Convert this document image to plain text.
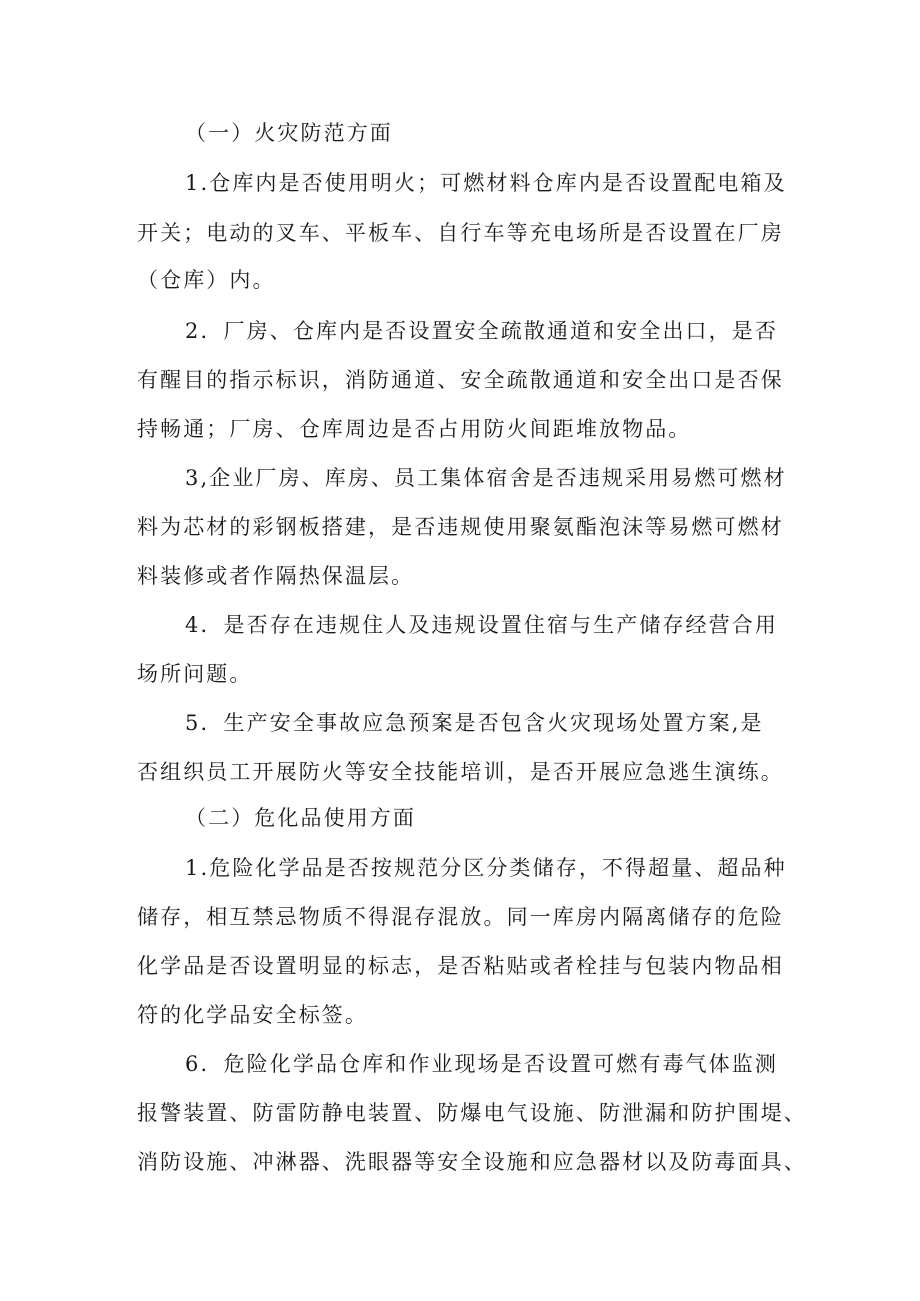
（一）火灾防范方面
1.仓库内是否使用明火；可燃材料仓库内是否设置配电箱及
开关；电动的叉车、平板车、自行车等充电场所是否设置在厂房
（仓库）内。
2．厂房、仓库内是否设置安全疏散通道和安全出口，是否
有醒目的指示标识，消防通道、安全疏散通道和安全出口是否保
持畅通；厂房、仓库周边是否占用防火间距堆放物品。
3,企业厂房、库房、员工集体宿舍是否违规采用易燃可燃材
料为芯材的彩钢板搭建，是否违规使用聚氨酯泡沫等易燃可燃材
料装修或者作隔热保温层。
4．是否存在违规住人及违规设置住宿与生产储存经营合用
场所问题。
5．生产安全事故应急预案是否包含火灾现场处置方案,是
否组织员工开展防火等安全技能培训，是否开展应急逃生演练。
（二）危化品使用方面
1.危险化学品是否按规范分区分类储存，不得超量、超品种
储存，相互禁忌物质不得混存混放。同一库房内隔离储存的危险
化学品是否设置明显的标志，是否粘贴或者栓挂与包装内物品相
符的化学品安全标签。
6．危险化学品仓库和作业现场是否设置可燃有毒气体监测
报警装置、防雷防静电装置、防爆电气设施、防泄漏和防护围堤、
消防设施、冲淋器、洗眼器等安全设施和应急器材以及防毒面具、
